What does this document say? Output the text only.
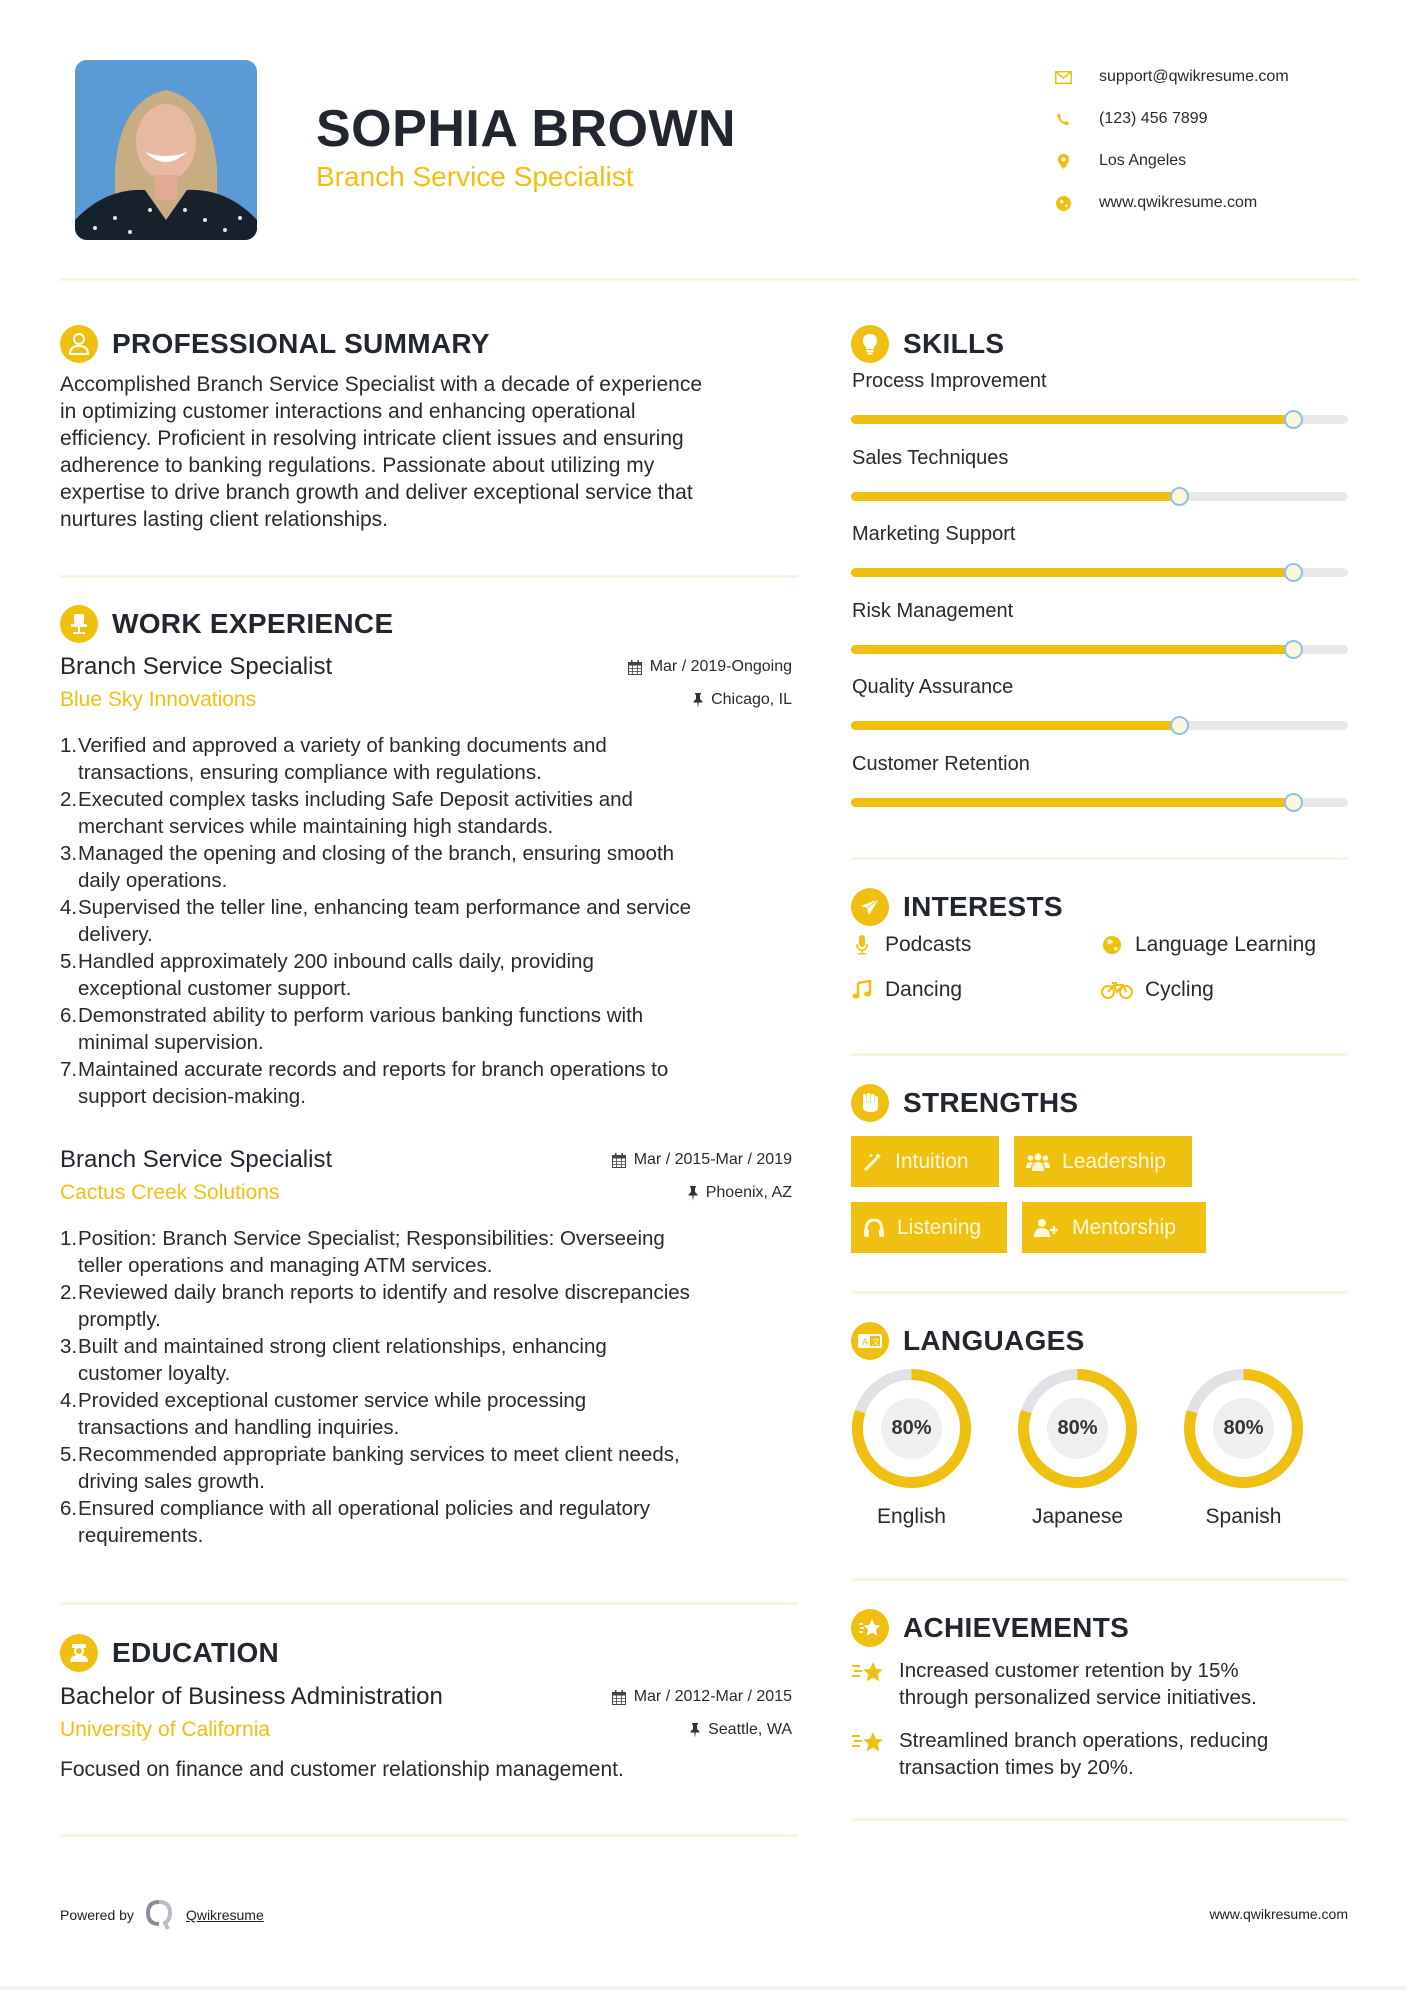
SOPHIA BROWN
Branch Service Specialist
support@qwikresume.com
(123) 456 7899
Los Angeles
www.qwikresume.com
PROFESSIONAL SUMMARY
Accomplished Branch Service Specialist with a decade of experience
in optimizing customer interactions and enhancing operational
efficiency. Proficient in resolving intricate client issues and ensuring
adherence to banking regulations. Passionate about utilizing my
expertise to drive branch growth and deliver exceptional service that
nurtures lasting client relationships.
WORK EXPERIENCE
Branch Service Specialist	Mar / 2019-Ongoing
Blue Sky Innovations	Chicago, IL
1. Verified and approved a variety of banking documents and
transactions, ensuring compliance with regulations.
2. Executed complex tasks including Safe Deposit activities and
merchant services while maintaining high standards.
3. Managed the opening and closing of the branch, ensuring smooth
daily operations.
4. Supervised the teller line, enhancing team performance and service
delivery.
5. Handled approximately 200 inbound calls daily, providing
exceptional customer support.
6. Demonstrated ability to perform various banking functions with
minimal supervision.
7. Maintained accurate records and reports for branch operations to
support decision-making.
Branch Service Specialist	Mar / 2015-Mar / 2019
Cactus Creek Solutions	Phoenix, AZ
1. Position: Branch Service Specialist; Responsibilities: Overseeing
teller operations and managing ATM services.
2. Reviewed daily branch reports to identify and resolve discrepancies
promptly.
3. Built and maintained strong client relationships, enhancing
customer loyalty.
4. Provided exceptional customer service while processing
transactions and handling inquiries.
5. Recommended appropriate banking services to meet client needs,
driving sales growth.
6. Ensured compliance with all operational policies and regulatory
requirements.
EDUCATION
Bachelor of Business Administration	Mar / 2012-Mar / 2015
University of California	Seattle, WA
Focused on finance and customer relationship management.
SKILLS
Process Improvement
Sales Techniques
Marketing Support
Risk Management
Quality Assurance
Customer Retention
INTERESTS
Podcasts	Language Learning
Dancing	Cycling
STRENGTHS
Intuition	Leadership
Listening	Mentorship
A 文 LANGUAGES
80%
English
80%
Japanese
80%
Spanish
ACHIEVEMENTS
Increased customer retention by 15%
through personalized service initiatives.
Streamlined branch operations, reducing
transaction times by 20%.
Powered by	Qwikresume	www.qwikresume.com
